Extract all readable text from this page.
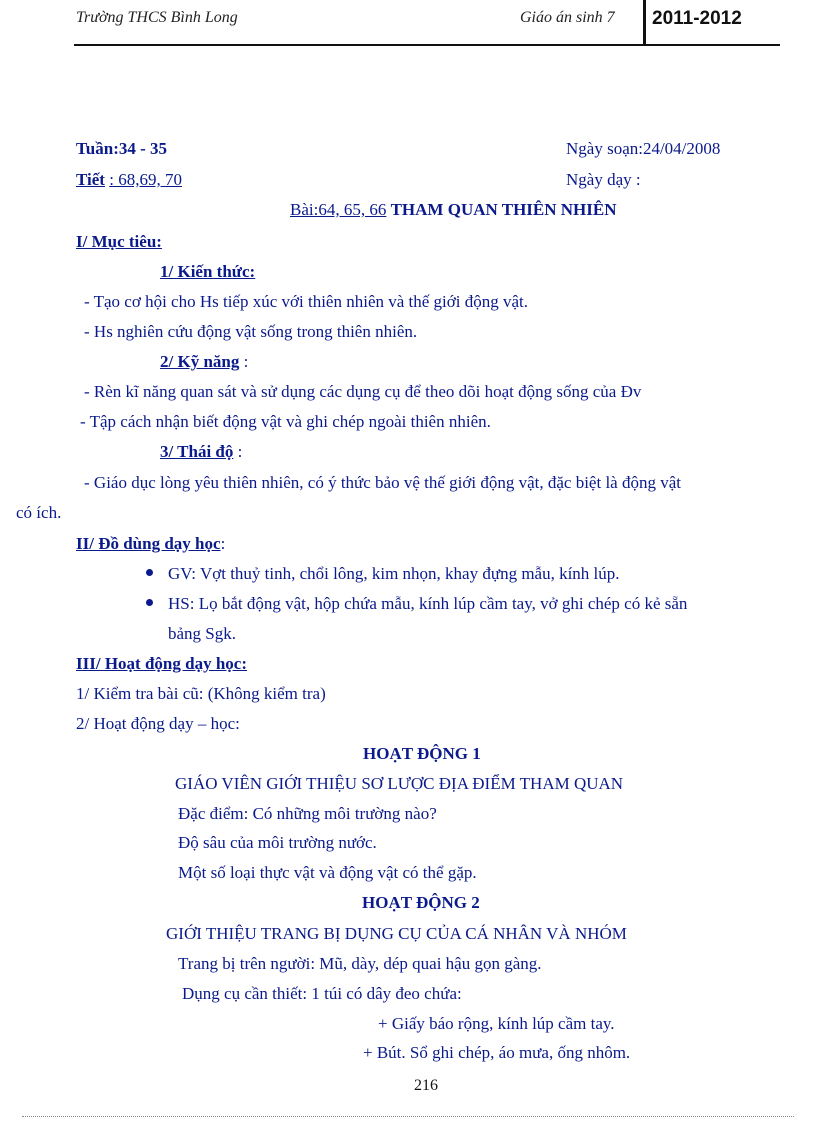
Trường THCS Bình Long	Giáo án sinh 7 2011-2012
Tuần:34 - 35	Ngày soạn:24/04/2008
Tiết : 68,69, 70	Ngày dạy :
Bài:64, 65, 66 THAM QUAN THIÊN NHIÊN
I/ Mục tiêu:
1/ Kiến thức:
- Tạo cơ hội cho Hs tiếp xúc với thiên nhiên và thế giới động vật.
- Hs nghiên cứu động vật sống trong thiên nhiên.
2/ Kỹ năng :
- Rèn kĩ năng quan sát và sử dụng các dụng cụ để theo dõi hoạt động sống của Đv
- Tập cách nhận biết động vật và ghi chép ngoài thiên nhiên.
3/ Thái độ :
- Giáo dục lòng yêu thiên nhiên, có ý thức bảo vệ thế giới động vật, đặc biệt là động vật
có ích.
II/ Đồ dùng dạy học:
GV: Vợt thuỷ tinh, chổi lông, kim nhọn, khay đựng mẫu, kính lúp.
HS: Lọ bắt động vật, hộp chứa mẫu, kính lúp cầm tay, vở ghi chép có kẻ sẵn
bảng Sgk.
III/ Hoạt động dạy học:
1/ Kiểm tra bài cũ: (Không kiểm tra)
2/ Hoạt động dạy – học:
HOẠT ĐỘNG 1
GIÁO VIÊN GIỚI THIỆU SƠ LƯỢC ĐỊA ĐIỂM THAM QUAN
Đặc điểm: Có những môi trường nào?
Độ sâu của môi trường nước.
Một số loại thực vật và động vật có thể gặp.
HOẠT ĐỘNG 2
GIỚI THIỆU TRANG BỊ DỤNG CỤ CỦA CÁ NHÂN VÀ NHÓM
Trang bị trên người: Mũ, dày, dép quai hậu gọn gàng.
Dụng cụ cần thiết: 1 túi có dây đeo chứa:
+ Giấy báo rộng, kính lúp cầm tay.
+ Bút. Sổ ghi chép, áo mưa, ống nhôm.
216
